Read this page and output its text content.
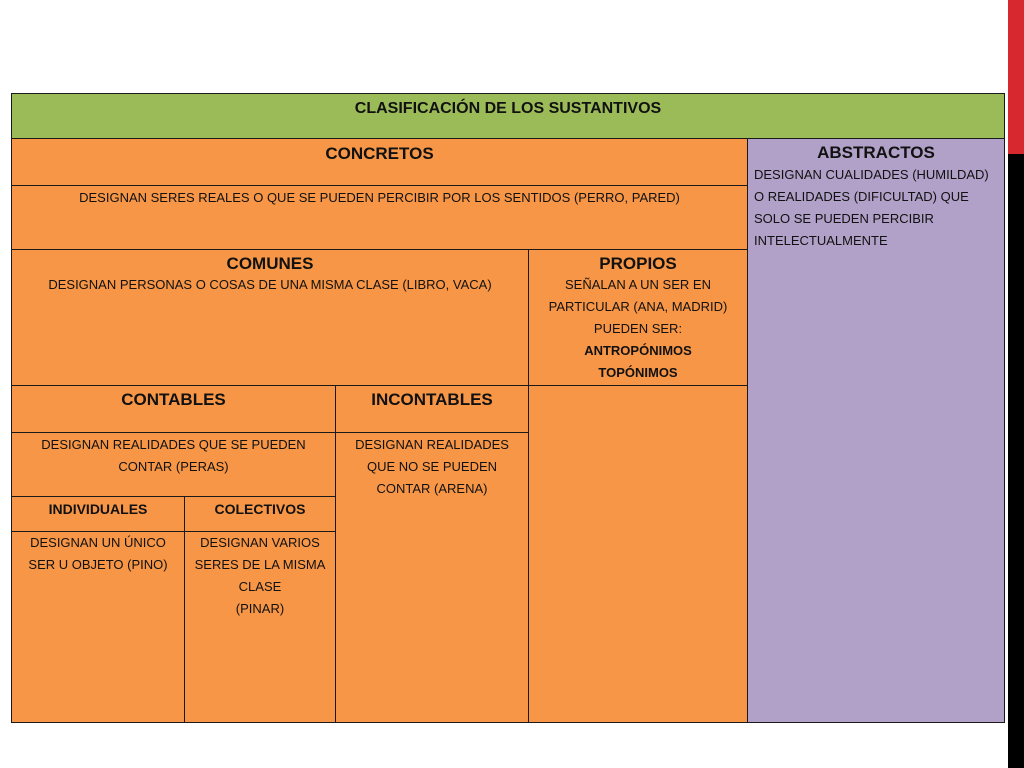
CLASIFICACIÓN DE LOS SUSTANTIVOS
CONCRETOS
DESIGNAN SERES REALES O QUE SE PUEDEN PERCIBIR POR LOS SENTIDOS (PERRO, PARED)
ABSTRACTOS
DESIGNAN CUALIDADES (HUMILDAD)
O REALIDADES (DIFICULTAD) QUE
SOLO SE PUEDEN PERCIBIR
INTELECTUALMENTE
COMUNES
DESIGNAN PERSONAS O COSAS DE UNA MISMA CLASE (LIBRO, VACA)
PROPIOS
SEÑALAN A UN SER EN
PARTICULAR (ANA, MADRID)
PUEDEN SER:
ANTROPÓNIMOS
TOPÓNIMOS
CONTABLES	INCONTABLES
DESIGNAN REALIDADES QUE SE PUEDEN
CONTAR (PERAS)
DESIGNAN REALIDADES
QUE NO SE PUEDEN
CONTAR (ARENA)
INDIVIDUALES	COLECTIVOS
DESIGNAN UN ÚNICO
SER U OBJETO (PINO)
DESIGNAN VARIOS
SERES DE LA MISMA
CLASE
(PINAR)
